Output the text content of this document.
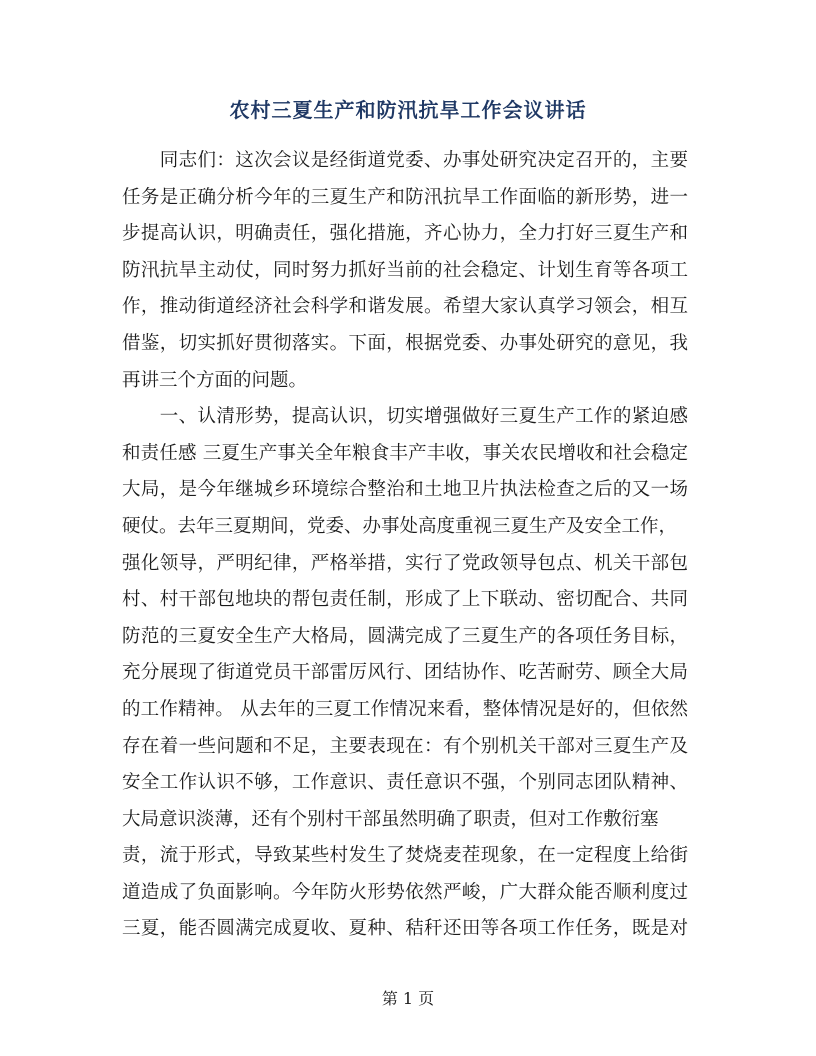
农村三夏生产和防汛抗旱工作会议讲话
　　同志们：这次会议是经街道党委、办事处研究决定召开的，主要
任务是正确分析今年的三夏生产和防汛抗旱工作面临的新形势，进一
步提高认识，明确责任，强化措施，齐心协力，全力打好三夏生产和
防汛抗旱主动仗，同时努力抓好当前的社会稳定、计划生育等各项工
作，推动街道经济社会科学和谐发展。希望大家认真学习领会，相互
借鉴，切实抓好贯彻落实。下面，根据党委、办事处研究的意见，我
再讲三个方面的问题。
　　一、认清形势，提高认识，切实增强做好三夏生产工作的紧迫感
和责任感 三夏生产事关全年粮食丰产丰收，事关农民增收和社会稳定
大局，是今年继城乡环境综合整治和土地卫片执法检查之后的又一场
硬仗。去年三夏期间，党委、办事处高度重视三夏生产及安全工作，
强化领导，严明纪律，严格举措，实行了党政领导包点、机关干部包
村、村干部包地块的帮包责任制，形成了上下联动、密切配合、共同
防范的三夏安全生产大格局，圆满完成了三夏生产的各项任务目标，
充分展现了街道党员干部雷厉风行、团结协作、吃苦耐劳、顾全大局
的工作精神。 从去年的三夏工作情况来看，整体情况是好的，但依然
存在着一些问题和不足，主要表现在：有个别机关干部对三夏生产及
安全工作认识不够，工作意识、责任意识不强，个别同志团队精神、
大局意识淡薄，还有个别村干部虽然明确了职责，但对工作敷衍塞
责，流于形式，导致某些村发生了焚烧麦茬现象，在一定程度上给街
道造成了负面影响。今年防火形势依然严峻，广大群众能否顺利度过
三夏，能否圆满完成夏收、夏种、秸秆还田等各项工作任务，既是对
第 1 页
